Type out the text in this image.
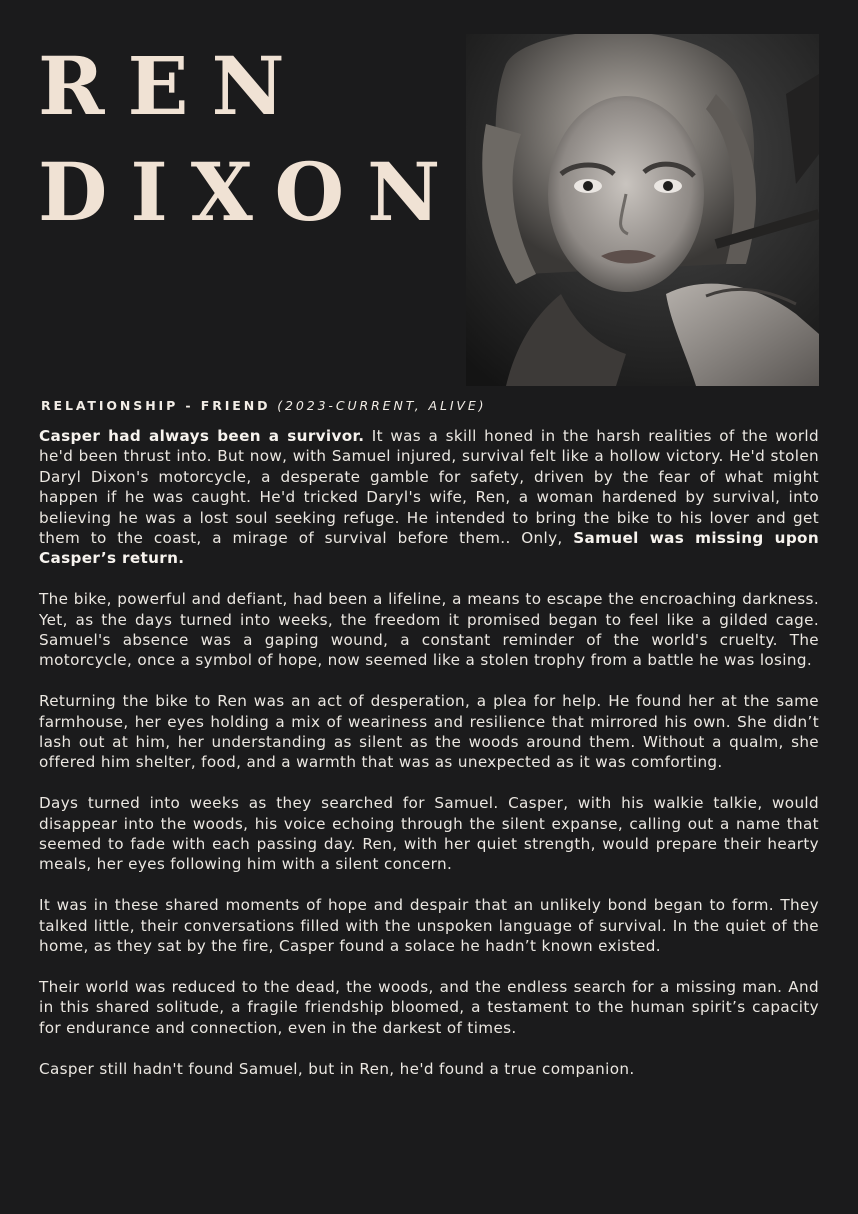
REN
DIXON
RELATIONSHIP - FRIEND (2023-CURRENT, ALIVE)

Casper had always been a survivor. It was a skill honed in the harsh realities of the world he'd been thrust into. But now, with Samuel injured, survival felt like a hollow victory. He'd stolen Daryl Dixon's motorcycle, a desperate gamble for safety, driven by the fear of what might happen if he was caught. He'd tricked Daryl's wife, Ren, a woman hardened by survival, into believing he was a lost soul seeking refuge. He intended to bring the bike to his lover and get them to the coast, a mirage of survival before them.. Only, Samuel was missing upon Casper’s return.

The bike, powerful and defiant, had been a lifeline, a means to escape the encroaching darkness. Yet, as the days turned into weeks, the freedom it promised began to feel like a gilded cage. Samuel's absence was a gaping wound, a constant reminder of the world's cruelty. The motorcycle, once a symbol of hope, now seemed like a stolen trophy from a battle he was losing.

Returning the bike to Ren was an act of desperation, a plea for help. He found her at the same farmhouse, her eyes holding a mix of weariness and resilience that mirrored his own. She didn’t lash out at him, her understanding as silent as the woods around them. Without a qualm, she offered him shelter, food, and a warmth that was as unexpected as it was comforting.

Days turned into weeks as they searched for Samuel. Casper, with his walkie talkie, would disappear into the woods, his voice echoing through the silent expanse, calling out a name that seemed to fade with each passing day. Ren, with her quiet strength, would prepare their hearty meals, her eyes following him with a silent concern.

It was in these shared moments of hope and despair that an unlikely bond began to form. They talked little, their conversations filled with the unspoken language of survival. In the quiet of the home, as they sat by the fire, Casper found a solace he hadn’t known existed.

Their world was reduced to the dead, the woods, and the endless search for a missing man. And in this shared solitude, a fragile friendship bloomed, a testament to the human spirit’s capacity for endurance and connection, even in the darkest of times.

Casper still hadn't found Samuel, but in Ren, he'd found a true companion.
